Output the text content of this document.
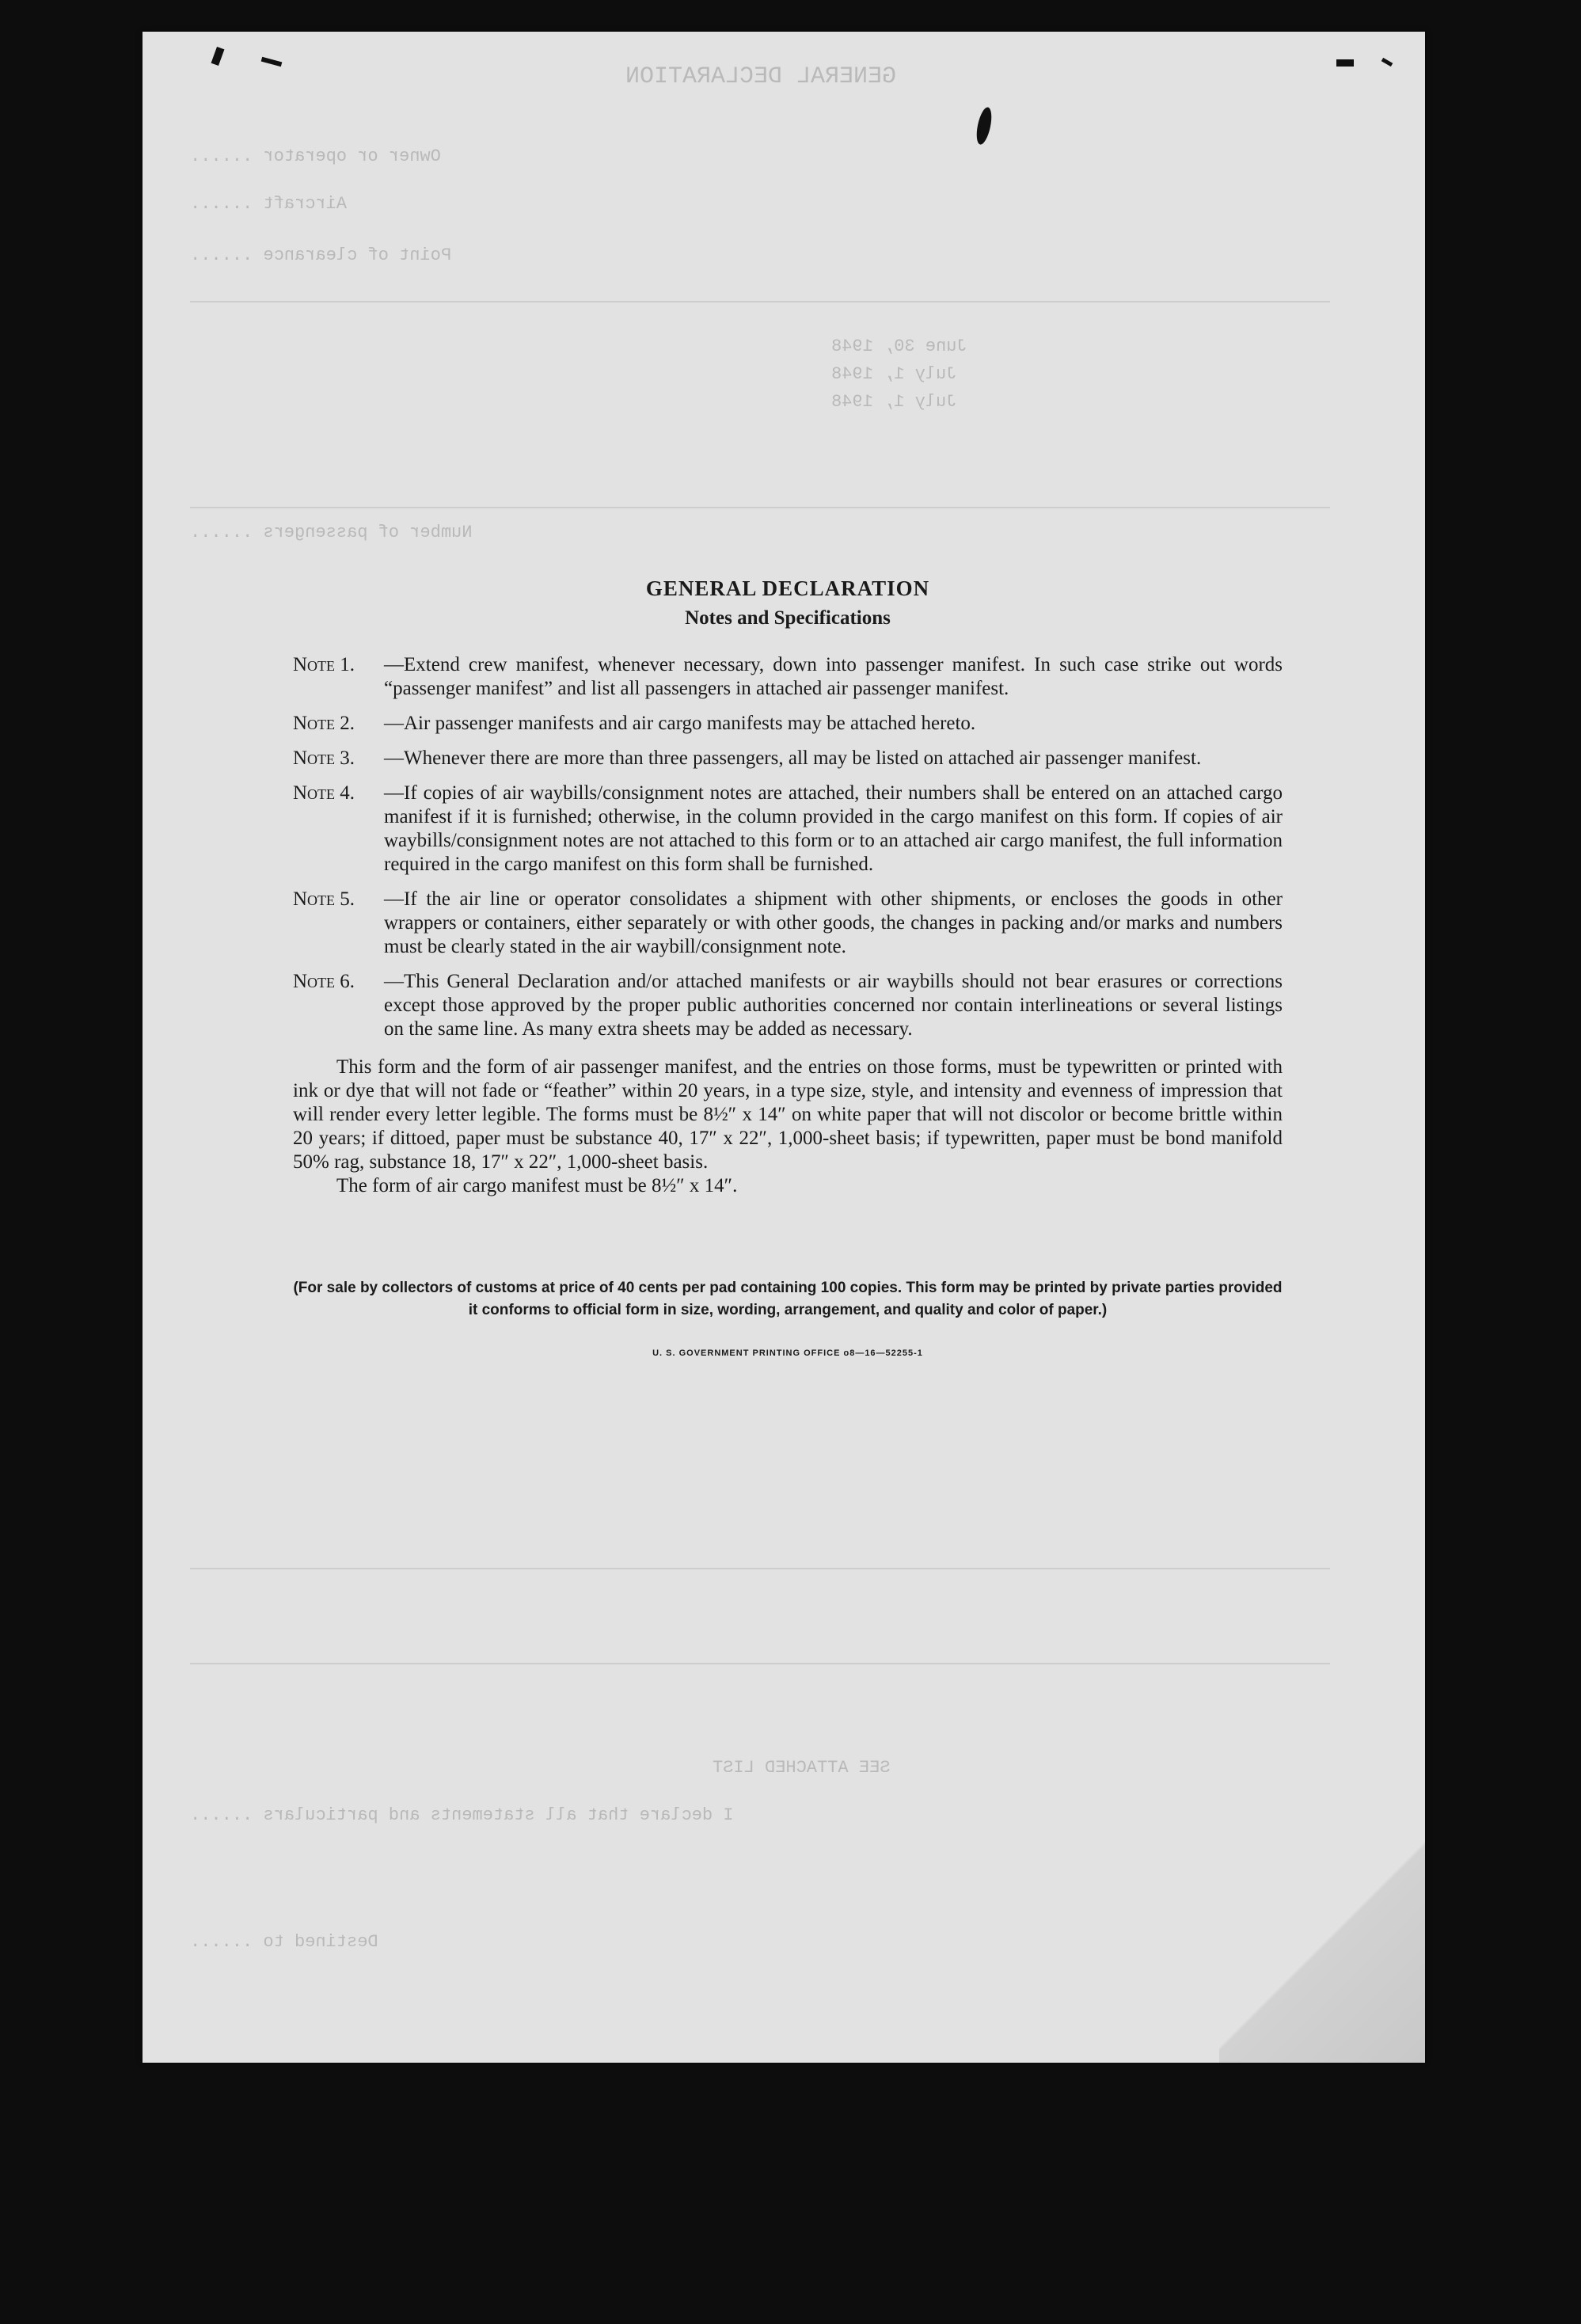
GENERAL DECLARATION
Owner or operator ......
Aircraft ......
Point of clearance ......
June 30, 1948
July 1, 1948
July 1, 1948
Number of passengers ......
SEE ATTACHED LIST
I declare that all statements and particulars ......
Destined to ......
GENERAL DECLARATION
Notes and Specifications
Note 1.	—Extend crew manifest, whenever necessary, down into passenger manifest. In such case strike out words “passenger manifest” and list all passengers in attached air passenger manifest.
Note 2.	—Air passenger manifests and air cargo manifests may be attached hereto.
Note 3.	—Whenever there are more than three passengers, all may be listed on attached air passenger manifest.
Note 4.	—If copies of air waybills/consignment notes are attached, their numbers shall be entered on an attached cargo manifest if it is furnished; otherwise, in the column provided in the cargo manifest on this form. If copies of air waybills/consignment notes are not attached to this form or to an attached air cargo manifest, the full information required in the cargo manifest on this form shall be furnished.
Note 5.	—If the air line or operator consolidates a shipment with other shipments, or encloses the goods in other wrappers or containers, either separately or with other goods, the changes in packing and/or marks and numbers must be clearly stated in the air waybill/consignment note.
Note 6.	—This General Declaration and/or attached manifests or air waybills should not bear erasures or corrections except those approved by the proper public authorities concerned nor contain interlineations or several listings on the same line. As many extra sheets may be added as necessary.
This form and the form of air passenger manifest, and the entries on those forms, must be typewritten or printed with ink or dye that will not fade or “feather” within 20 years, in a type size, style, and intensity and evenness of impression that will render every letter legible. The forms must be 8½″ x 14″ on white paper that will not discolor or become brittle within 20 years; if dittoed, paper must be substance 40, 17″ x 22″, 1,000-sheet basis; if typewritten, paper must be bond manifold 50% rag, substance 18, 17″ x 22″, 1,000-sheet basis.
The form of air cargo manifest must be 8½″ x 14″.
(For sale by collectors of customs at price of 40 cents per pad containing 100 copies. This form may be printed by private parties provided it conforms to official form in size, wording, arrangement, and quality and color of paper.)
U. S. GOVERNMENT PRINTING OFFICE o8—16—52255-1
